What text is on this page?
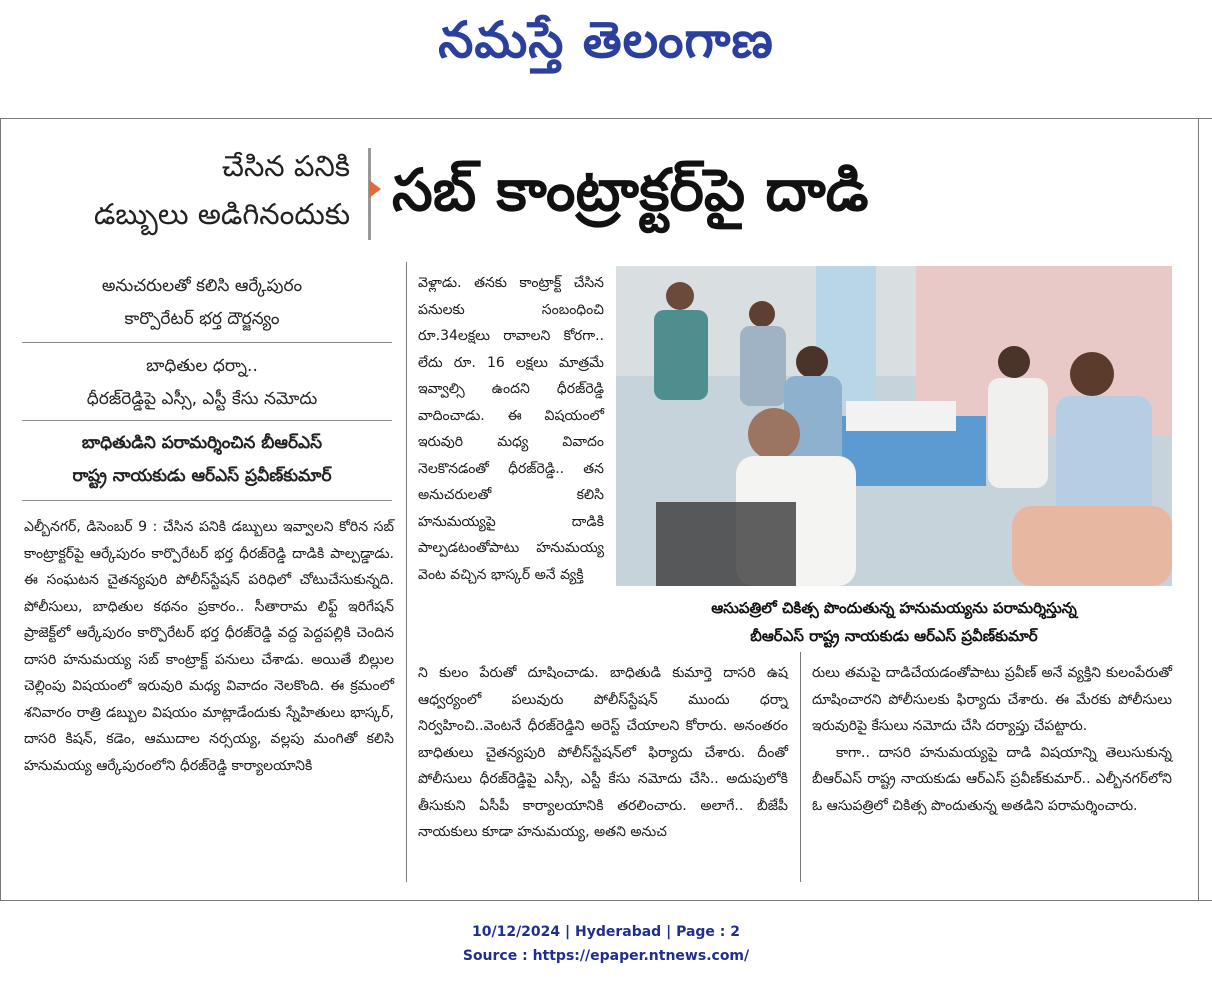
నమస్తే తెలంగాణ
చేసిన పనికి
డబ్బులు అడిగినందుకు సబ్ కాంట్రాక్టర్‌పై దాడి
అనుచరులతో కలిసి ఆర్కేపురం
కార్పొరేటర్ భర్త దౌర్జన్యం
బాధితుల ధర్నా..
ధీరజ్‌రెడ్డిపై ఎస్సీ, ఎస్టీ కేసు నమోదు
బాధితుడిని పరామర్శించిన బీఆర్ఎస్
రాష్ట్ర నాయకుడు ఆర్ఎస్ ప్రవీణ్‌కుమార్

ఎల్బీనగర్, డిసెంబర్ 9 : చేసిన పనికి డబ్బులు ఇవ్వాలని కోరిన సబ్ కాంట్రాక్టర్‌పై ఆర్కేపురం కార్పొరేటర్ భర్త ధీరజ్‌రెడ్డి దాడికి పాల్పడ్డాడు. ఈ సంఘటన చైతన్యపురి పోలీస్‌స్టేషన్ పరిధిలో చోటుచేసుకున్నది. పోలీసులు, బాధితుల కథనం ప్రకారం.. సీతారామ లిఫ్ట్ ఇరిగేషన్ ప్రాజెక్ట్‌లో ఆర్కేపురం కార్పొరేటర్ భర్త ధీరజ్‌రెడ్డి వద్ద పెద్దపల్లికి చెందిన దాసరి హనుమయ్య సబ్ కాంట్రాక్ట్ పనులు చేశాడు. అయితే బిల్లుల చెల్లింపు విషయంలో ఇరువురి మధ్య వివాదం నెలకొంది. ఈ క్రమంలో శనివారం రాత్రి డబ్బుల విషయం మాట్లాడేందుకు స్నేహితులు భాస్కర్, దాసరి కిషన్, కడెం, ఆముదాల నర్సయ్య, వల్లపు మంగితో కలిసి హనుమయ్య ఆర్కేపురంలోని ధీరజ్‌రెడ్డి కార్యాలయానికి

వెళ్లాడు. తనకు కాంట్రాక్ట్ చేసిన పనులకు సంబంధించి రూ.34లక్షలు రావాలని కోరగా.. లేదు రూ. 16 లక్షలు మాత్రమే ఇవ్వాల్సి ఉందని ధీరజ్‌రెడ్డి వాదించాడు. ఈ విషయంలో ఇరువురి మధ్య వివాదం నెలకొనడంతో ధీరజ్‌రెడ్డి.. తన అనుచరులతో కలిసి హనుమయ్యపై దాడికి పాల్పడటంతోపాటు హనుమయ్య వెంట వచ్చిన భాస్కర్ అనే వ్యక్తి

ఆసుపత్రిలో చికిత్స పొందుతున్న హనుమయ్యను పరామర్శిస్తున్న
బీఆర్ఎస్ రాష్ట్ర నాయకుడు ఆర్ఎస్ ప్రవీణ్‌కుమార్

ని కులం పేరుతో దూషించాడు. బాధితుడి కుమార్తె దాసరి ఉష ఆధ్వర్యంలో పలువురు పోలీస్‌స్టేషన్ ముందు ధర్నా నిర్వహించి..వెంటనే ధీరజ్‌రెడ్డిని అరెస్ట్ చేయాలని కోరారు. అనంతరం బాధితులు చైతన్యపురి పోలీస్‌స్టేషన్‌లో ఫిర్యాదు చేశారు. దీంతో పోలీసులు ధీరజ్‌రెడ్డిపై ఎస్సీ, ఎస్టీ కేసు నమోదు చేసి.. అదుపులోకి తీసుకుని ఏసీపీ కార్యాలయానికి తరలించారు. అలాగే.. బీజేపీ నాయకులు కూడా హనుమయ్య, అతని అనుచ

రులు తమపై దాడిచేయడంతోపాటు ప్రవీణ్ అనే వ్యక్తిని కులంపేరుతో దూషించారని పోలీసులకు ఫిర్యాదు చేశారు. ఈ మేరకు పోలీసులు ఇరువురిపై కేసులు నమోదు చేసి దర్యాప్తు చేపట్టారు.

కాగా.. దాసరి హనుమయ్యపై దాడి విషయాన్ని తెలుసుకున్న బీఆర్ఎస్ రాష్ట్ర నాయకుడు ఆర్ఎస్ ప్రవీణ్‌కుమార్.. ఎల్బీనగర్‌లోని ఓ ఆసుపత్రిలో చికిత్స పొందుతున్న అతడిని పరామర్శించారు.

10/12/2024 | Hyderabad | Page : 2
Source : https://epaper.ntnews.com/
